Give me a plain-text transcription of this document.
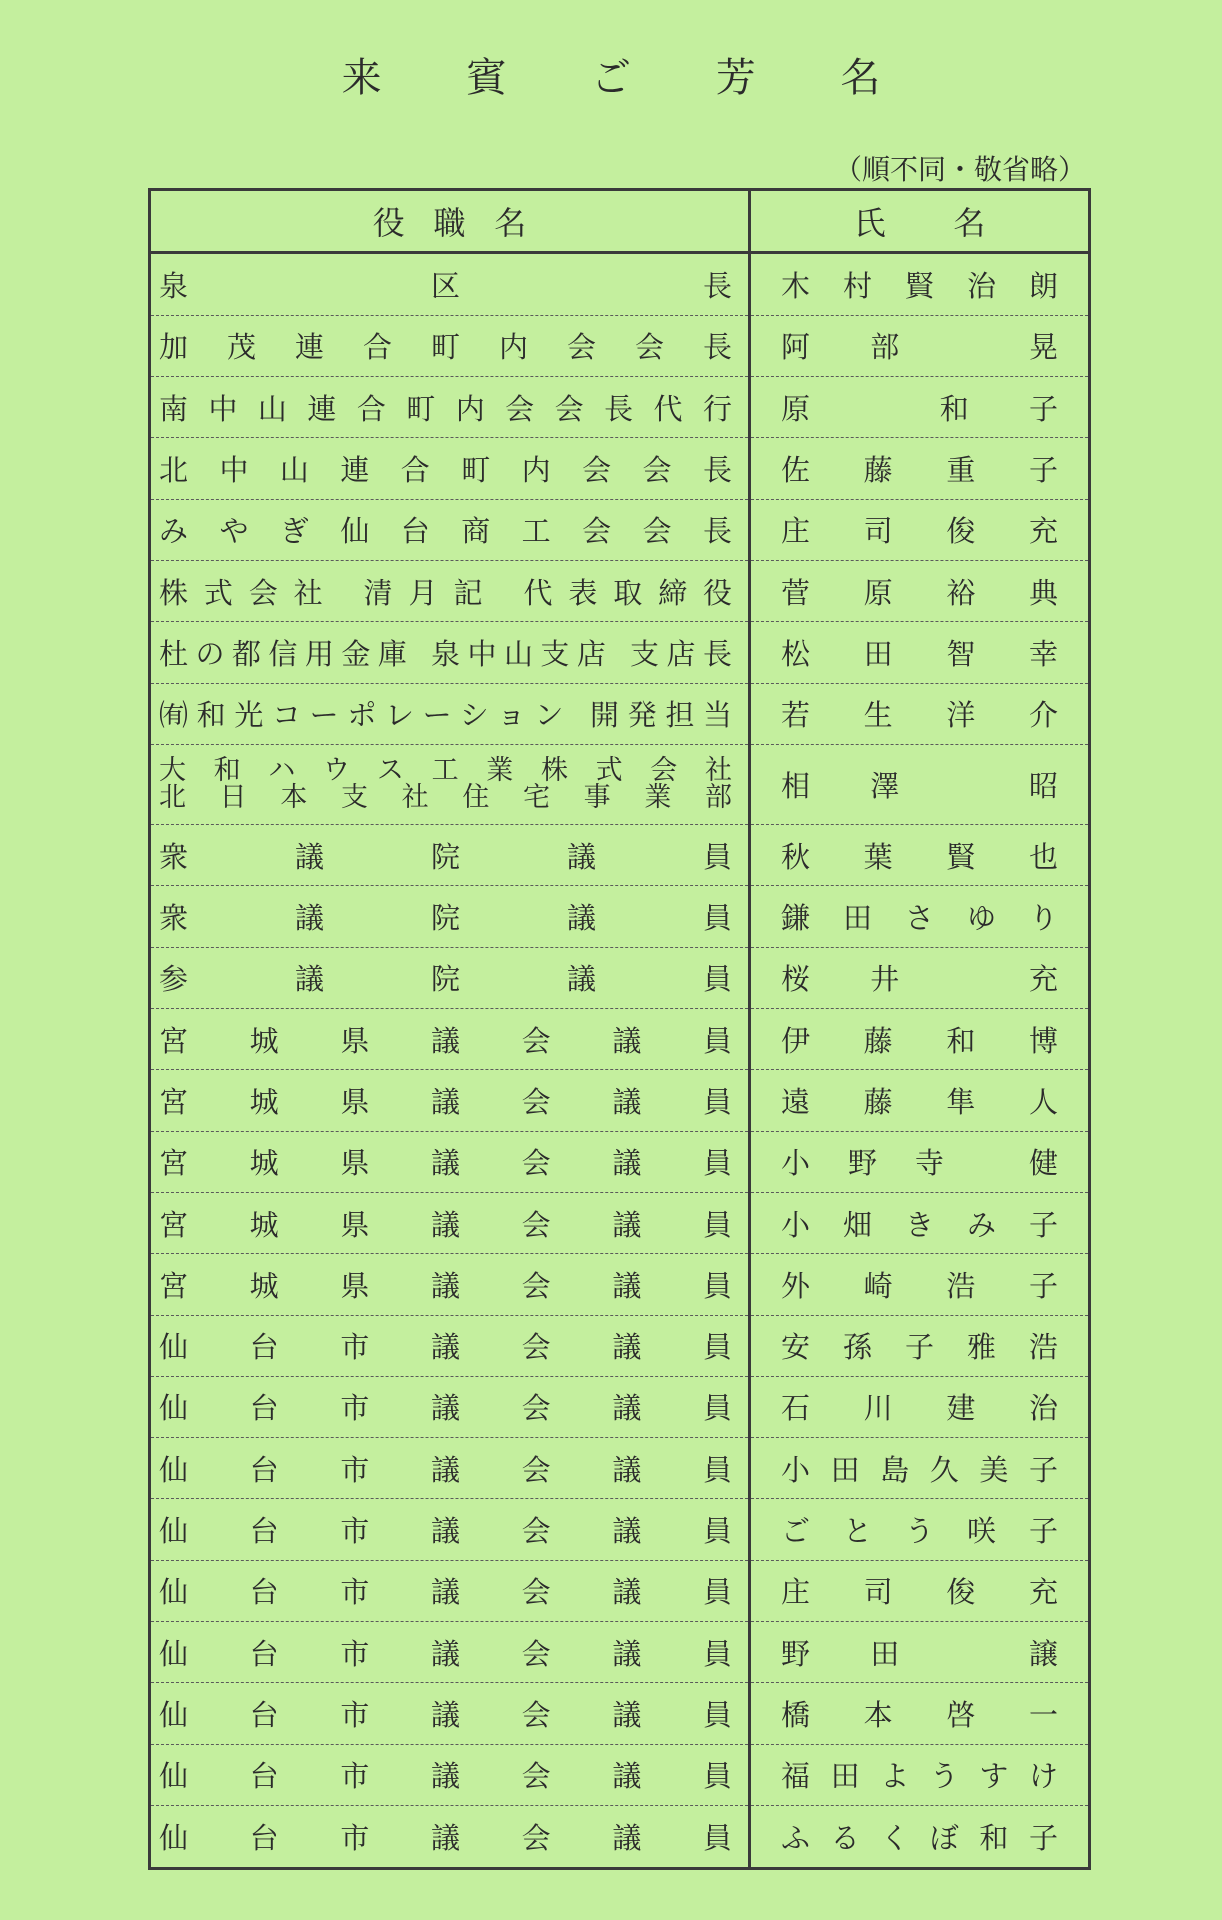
来 賓 ご 芳 名
（順不同・敬省略）
役職名	氏 名
泉 区 長	木村賢治朗
加 茂 連 合 町 内 会 会 長	阿部 晃
南中山連合町内会会長代行	原 和子
北中山連合町内会会長	佐藤重子
みやぎ仙台商工会会長	庄司俊充
株式会社 清月記 代表取締役	菅原裕典
杜の都信用金庫 泉中山支店 支店長	松田智幸
㈲和光コーポレーション 開発担当	若生洋介

大和ハウス工業株式会社
北日本支社住宅事業部	相澤 昭
衆 議 院 議 員	秋葉賢也
衆 議 院 議 員	鎌田さゆり
参 議 院 議 員	桜井 充
宮 城 県 議 会 議 員	伊藤和博
宮 城 県 議 会 議 員	遠藤隼人
宮 城 県 議 会 議 員	小野寺 健
宮 城 県 議 会 議 員	小畑きみ子
宮 城 県 議 会 議 員	外崎浩子
仙 台 市 議 会 議 員	安孫子雅浩
仙 台 市 議 会 議 員	石川建治
仙 台 市 議 会 議 員	小田島久美子
仙 台 市 議 会 議 員	ごとう咲子
仙 台 市 議 会 議 員	庄司俊充
仙 台 市 議 会 議 員	野田 譲
仙 台 市 議 会 議 員	橋本啓一
仙 台 市 議 会 議 員	福田ようすけ
仙 台 市 議 会 議 員	ふるくぼ和子
